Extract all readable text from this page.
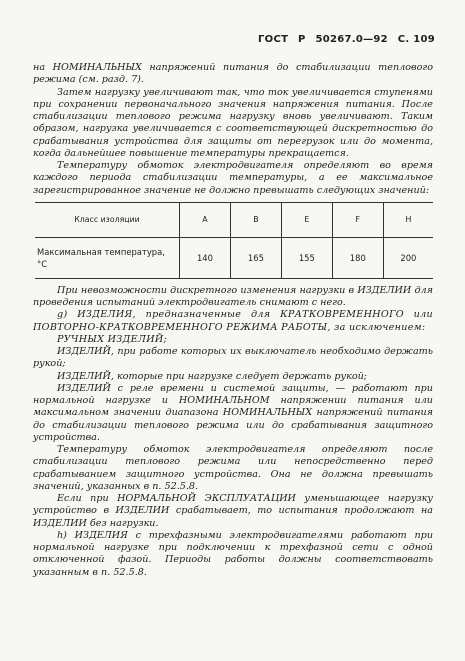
ГОСТ Р 50267.0—92 С. 109

на НОМИНАЛЬНЫХ напряжений питания до стабилизации теплового режима (см. разд. 7).

Затем нагрузку увеличивают так, что ток увеличивается ступенями при сохранении первоначального значения напряжения питания. После стабилизации теплового режима нагрузку вновь увеличивают. Таким образом, нагрузка увеличивается с соответствующей дискретностью до срабатывания устройства для защиты от перегрузок или до момента, когда дальнейшее повышение температуры прекращается.

Температуру обмоток электродвигателя определяют во время каждого периода стабилизации температуры, а ее максимальное зарегистрированное значение не должно превышать следующих значений:

Класс изоляции	A	B	E	F	H
Максимальная температура, °С	140	165	155	180	200

При невозможности дискретного изменения нагрузки в ИЗДЕЛИИ для проведения испытаний электродвигатель снимают с него.

g) ИЗДЕЛИЯ, предназначенные для КРАТКОВРЕМЕННОГО или ПОВТОРНО-КРАТКОВРЕМЕННОГО РЕЖИМА РАБОТЫ, за исключением:

РУЧНЫХ ИЗДЕЛИЙ;

ИЗДЕЛИЙ, при работе которых их выключатель необходимо держать рукой;

ИЗДЕЛИЙ, которые при нагрузке следует держать рукой;

ИЗДЕЛИЙ с реле времени и системой защиты, — работают при нормальной нагрузке и НОМИНАЛЬНОМ напряжении питания или максимальном значении диапазона НОМИНАЛЬНЫХ напряжений питания до стабилизации теплового режима или до срабатывания защитного устройства.

Температуру обмоток электродвигателя определяют после стабилизации теплового режима или непосредственно перед срабатыванием защитного устройства. Она не должна превышать значений, указанных в п. 52.5.8.

Если при НОРМАЛЬНОЙ ЭКСПЛУАТАЦИИ уменьшающее нагрузку устройство в ИЗДЕЛИИ срабатывает, то испытания продолжают на ИЗДЕЛИИ без нагрузки.

h) ИЗДЕЛИЯ с трехфазными электродвигателями работают при нормальной нагрузке при подключении к трехфазной сети с одной отключенной фазой. Периоды работы должны соответствовать указанным в п. 52.5.8.
